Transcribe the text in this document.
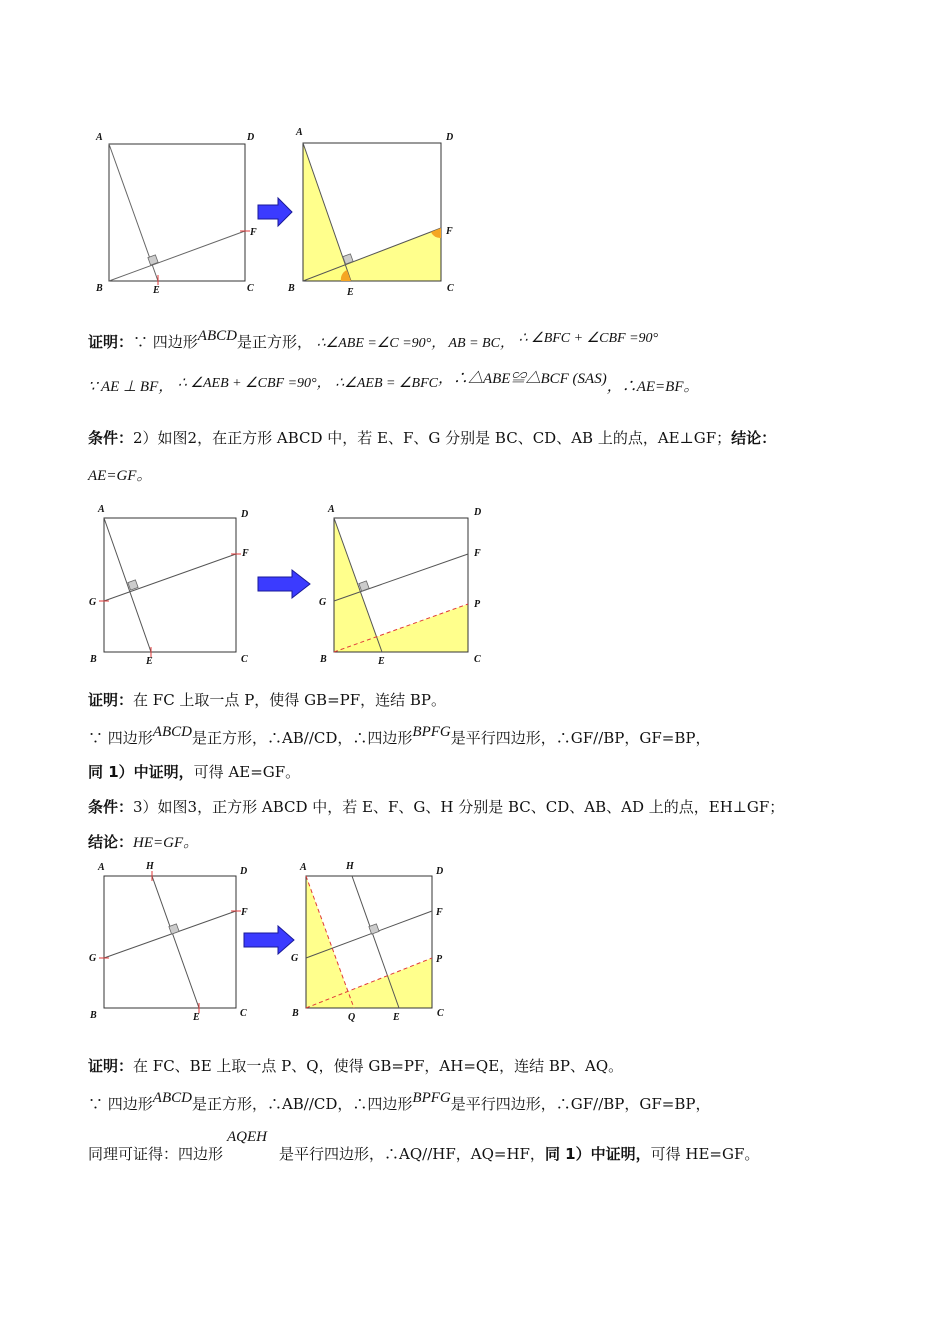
A	D
B	E	C
F
A	D
B	E	C
F
证明：∵ 四边形ABCD是正方形， ∴∠ABE =∠C =90°， AB = BC， ∴ ∠BFC + ∠CBF =90°
∵ AE ⊥ BF， ∴ ∠AEB + ∠CBF =90°， ∴∠AEB = ∠BFC，∴△ABE≌△BCF (SAS)，∴AE=BF。
条件：2）如图2，在正方形 ABCD 中，若 E、F、G 分别是 BC、CD、AB 上的点，AE⊥GF；结论：
AE=GF。
A	D
B	E	C
F
G
A	D
B	E	C
F
G	P
证明：在 FC 上取一点 P，使得 GB=PF，连结 BP。
∵ 四边形ABCD是正方形，∴AB//CD，∴四边形BPFG是平行四边形，∴GF//BP，GF=BP，
同 1）中证明，可得 AE=GF。
条件：3）如图3，正方形 ABCD 中，若 E、F、G、H 分别是 BC、CD、AB、AD 上的点，EH⊥GF；
结论：HE=GF。
A	H	D
B	E	C
F
G
A	H	D
B	Q	E	C
F
G	P
证明：在 FC、BE 上取一点 P、Q，使得 GB=PF，AH=QE，连结 BP、AQ。
∵ 四边形ABCD是正方形，∴AB//CD，∴四边形BPFG是平行四边形，∴GF//BP，GF=BP，
同理可证得：四边形AQEH是平行四边形，∴AQ//HF，AQ=HF，同 1）中证明，可得 HE=GF。
